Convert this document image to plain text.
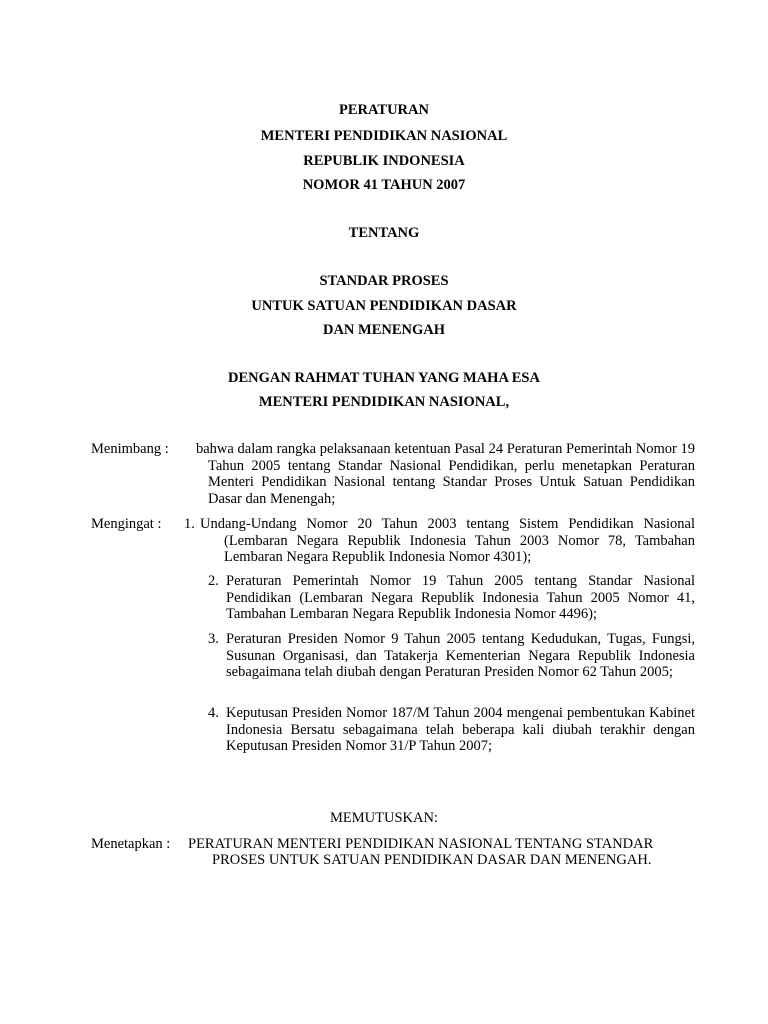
PERATURAN
MENTERI PENDIDIKAN NASIONAL
REPUBLIK INDONESIA
NOMOR 41 TAHUN 2007
TENTANG
STANDAR PROSES
UNTUK SATUAN PENDIDIKAN DASAR
DAN MENENGAH
DENGAN RAHMAT TUHAN YANG MAHA ESA
MENTERI PENDIDIKAN NASIONAL,
Menimbang : bahwa dalam rangka pelaksanaan ketentuan Pasal 24 Peraturan Pemerintah Nomor 19 Tahun 2005 tentang Standar Nasional Pendidikan, perlu menetapkan Peraturan Menteri Pendidikan Nasional tentang Standar Proses Untuk Satuan Pendidikan Dasar dan Menengah;
Mengingat : 1. Undang-Undang Nomor 20 Tahun 2003 tentang Sistem Pendidikan Nasional (Lembaran Negara Republik Indonesia Tahun 2003 Nomor 78, Tambahan Lembaran Negara Republik Indonesia Nomor 4301);
2. Peraturan Pemerintah Nomor 19 Tahun 2005 tentang Standar Nasional Pendidikan (Lembaran Negara Republik Indonesia Tahun 2005 Nomor 41, Tambahan Lembaran Negara Republik Indonesia Nomor 4496);
3. Peraturan Presiden Nomor 9 Tahun 2005 tentang Kedudukan, Tugas, Fungsi, Susunan Organisasi, dan Tatakerja Kementerian Negara Republik Indonesia sebagaimana telah diubah dengan Peraturan Presiden Nomor 62 Tahun 2005;
4. Keputusan Presiden Nomor 187/M Tahun 2004 mengenai pembentukan Kabinet Indonesia Bersatu sebagaimana telah beberapa kali diubah terakhir dengan Keputusan Presiden Nomor 31/P Tahun 2007;
MEMUTUSKAN:
Menetapkan : PERATURAN MENTERI PENDIDIKAN NASIONAL TENTANG STANDAR
PROSES UNTUK SATUAN PENDIDIKAN DASAR DAN MENENGAH.
